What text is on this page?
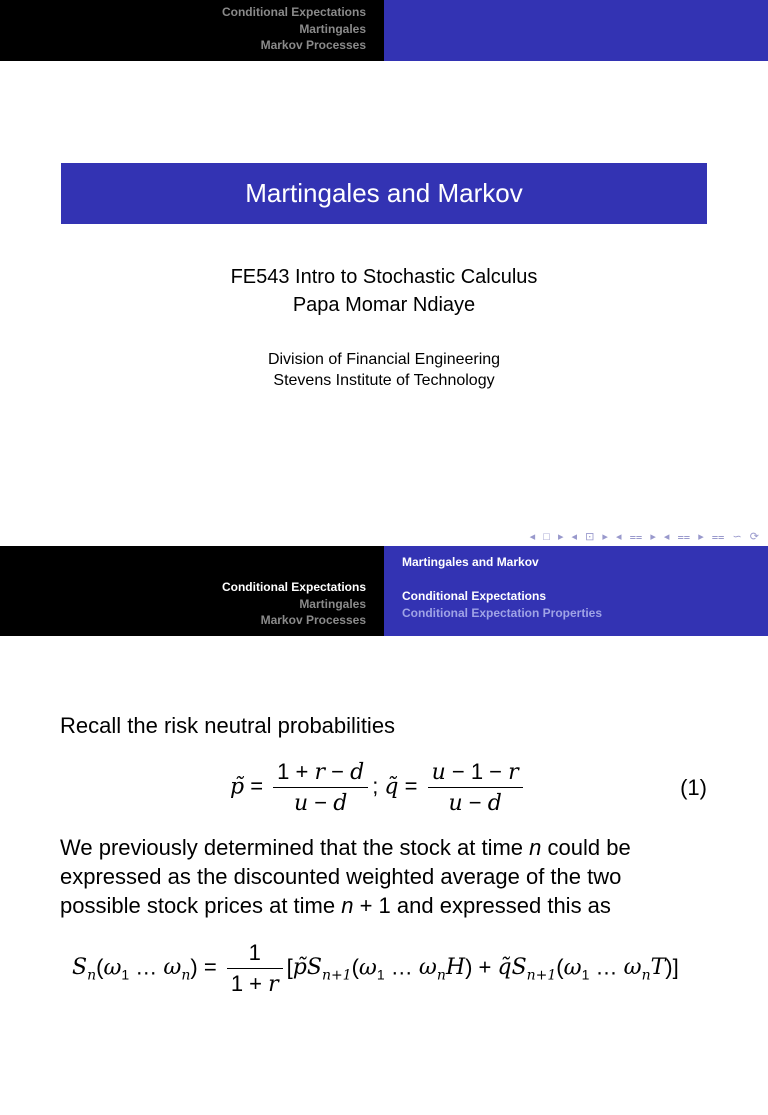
Conditional Expectations
Martingales
Markov Processes
Martingales and Markov
FE543 Intro to Stochastic Calculus
Papa Momar Ndiaye
Division of Financial Engineering
Stevens Institute of Technology
◂ □ ▸ ◂ ⊡ ▸ ◂ ⩵ ▸ ◂ ⩵ ▸ ⩵ ∽ ⟳
FE543 Intro to Stochastic Calculus	Papa Momar Ndiaye
Conditional Expectations
Martingales
Markov Processes
Martingales and Markov
Conditional Expectations
Conditional Expectation Properties
Recall the risk neutral probabilities
p̃ = $\frac{1 + r - d}{u - d}$ ; q̃ = $\frac{u - 1 - r}{u - d}$	(1)
We previously determined that the stock at time n could be
expressed as the discounted weighted average of the two
possible stock prices at time n + 1 and expressed this as
$S_n(\omega_1$ … $\omega_n) = \frac{1}{1 + r}$ [$p̃S_{n+1}(\omega_1$ … $\omega_nH$) + $q̃S_{n+1}(\omega_1$ … $\omega_nT$)]
